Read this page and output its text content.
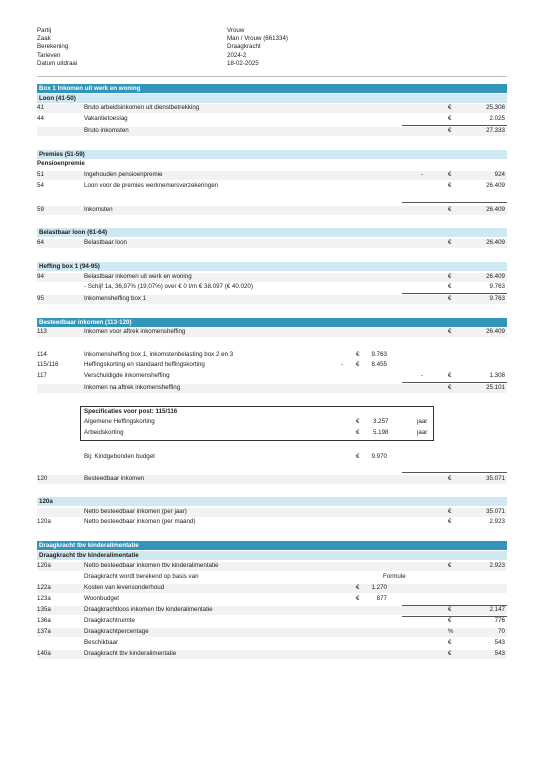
Partij	Vrouw
Zaak	Man / Vrouw (661334)
Berekening	Draagkracht
Tarieven	2024-2
Datum uitdraai	18-02-2025
Box 1 Inkomen uit werk en woning
Loon (41-50)
41	Bruto arbeidsinkomen uit dienstbetrekking	€	25.308
44	Vakantietoeslag	€	2.025
Bruto inkomsten	€	27.333
Premies (51-59)
Pensioenpremie
51	Ingehouden pensioenpremie	-	€	924
54	Loon voor de premies werknemersverzekeringen	€	26.409
59	Inkomsten	€	26.409
Belastbaar loon (61-64)
64	Belastbaar loon	€	26.409
Heffing box 1 (94-95)
94	Belastbaar inkomen uit werk en woning	€	26.409
- Schijf 1a, 36,97% (19,07%) over € 0 t/m € 38.097 (€ 40.020)	€	9.763
95	Inkomensheffing box 1	€	9.763
Besteedbaar inkomen (113-120)
113	Inkomen voor aftrek inkomensheffing	€	26.409
114	Inkomensheffing box 1, inkomstenbelasting box 2 en 3	€ 9.763
115/116	Heffingskorting en standaard heffingskorting	- € 8.455
117	Verschuldigde inkomensheffing	-	€	1.308
Inkomen na aftrek inkomensheffing	€	25.101
Specificaties voor post: 115/116
Algemene Heffingskorting	€ 3.257	jaar
Arbeidskorting	€ 5.198	jaar
Bij: Kindgebonden budget	€ 9.970
120	Besteedbaar inkomen	€	35.071
120a
Netto besteedbaar inkomen (per jaar)	€	35.071
120a	Netto besteedbaar inkomen (per maand)	€	2.923
Draagkracht tbv kinderalimentatie
Draagkracht tbv kinderalimentatie
120a	Netto besteedbaar inkomen tbv kinderalimentatie	€	2.923
Draagkracht wordt berekend op basis van	Formule
122a	Kosten van levensonderhoud	€ 1.270
123a	Woonbudget	€	877
135a	Draagkrachtloos inkomen tbv kinderalimentatie	€	2.147
136a	Draagkrachtruimte	€	776
137a	Draagkrachtpercentage	%	70
Beschikbaar	€	543
140a	Draagkracht tbv kinderalimentatie	€	543
